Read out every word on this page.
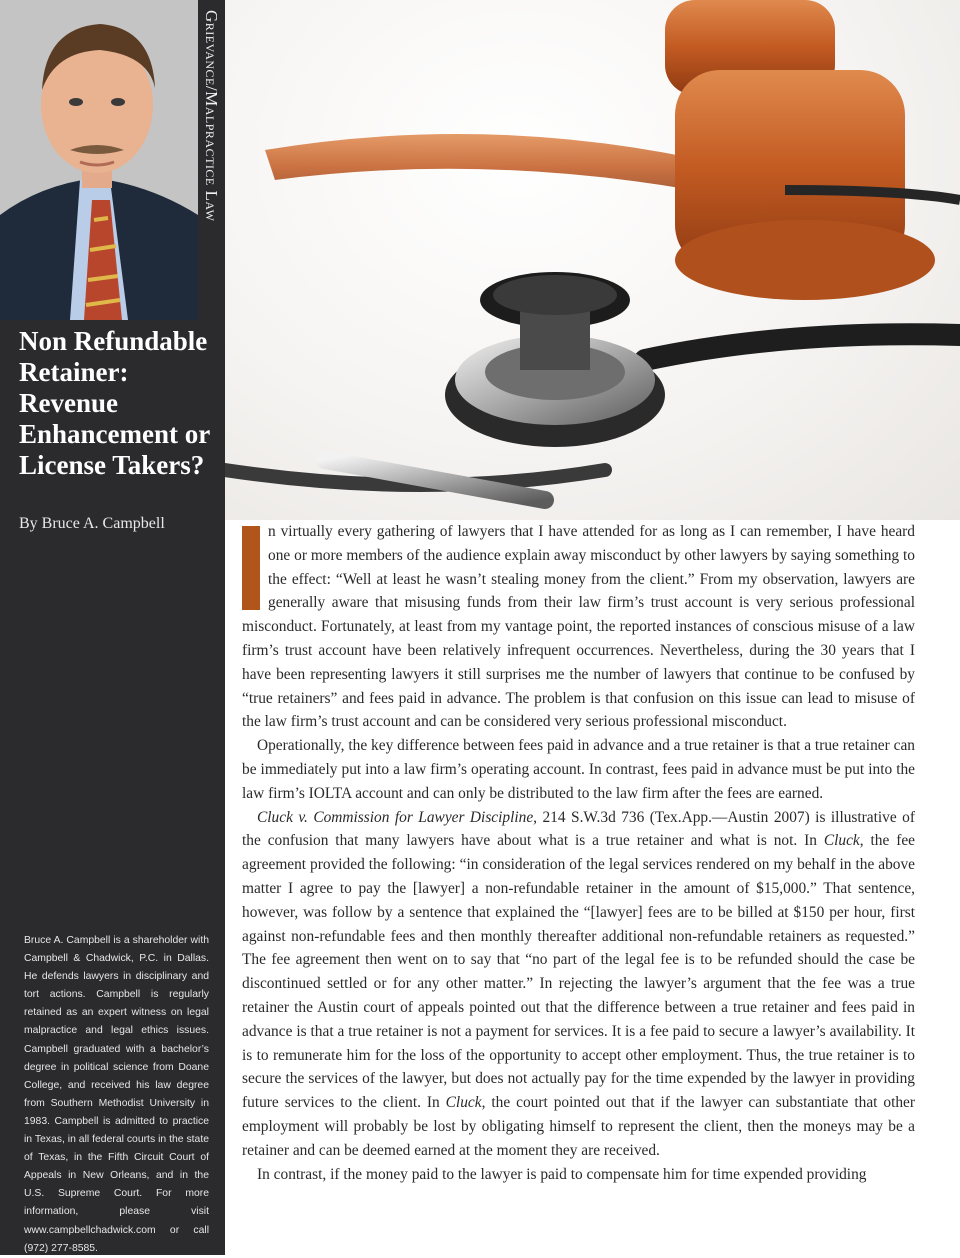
Grievance/Malpractice Law
Non Refundable Retainer: Revenue Enhancement or License Takers?
By Bruce A. Campbell

Bruce A. Campbell is a shareholder with Campbell & Chadwick, P.C. in Dallas. He defends lawyers in disciplinary and tort actions. Campbell is regularly retained as an expert witness on legal malpractice and legal ethics issues. Campbell graduated with a bachelor’s degree in political science from Doane College, and received his law degree from Southern Methodist University in 1983. Campbell is admitted to practice in Texas, in all federal courts in the state of Texas, in the Fifth Circuit Court of Appeals in New Orleans, and in the U.S. Supreme Court. For more information, please visit www.campbellchadwick.com or call (972) 277-8585.

I	n virtually every gathering of lawyers that I have attended for as long as I can remember, I have heard one or more members of the audience explain away misconduct by other lawyers by saying something to the effect: “Well at least he wasn’t stealing money from the client.” From my observation, lawyers are generally aware that misusing funds from their law firm’s trust account is very serious professional misconduct. Fortunately, at least from my vantage point, the reported instances of conscious misuse of a law firm’s trust account have been relatively infrequent occurrences. Nevertheless, during the 30 years that I have been representing lawyers it still surprises me the number of lawyers that continue to be confused by “true retainers” and fees paid in advance. The problem is that confusion on this issue can lead to misuse of the law firm’s trust account and can be considered very serious professional misconduct.

Operationally, the key difference between fees paid in advance and a true retainer is that a true retainer can be immediately put into a law firm’s operating account. In contrast, fees paid in advance must be put into the law firm’s IOLTA account and can only be distributed to the law firm after the fees are earned.

Cluck v. Commission for Lawyer Discipline, 214 S.W.3d 736 (Tex.App.—Austin 2007) is illustrative of the confusion that many lawyers have about what is a true retainer and what is not. In Cluck, the fee agreement provided the following: “in consideration of the legal services rendered on my behalf in the above matter I agree to pay the [lawyer] a non-refundable retainer in the amount of $15,000.” That sentence, however, was follow by a sentence that explained the “[lawyer] fees are to be billed at $150 per hour, first against non-refundable fees and then monthly thereafter additional non-refundable retainers as requested.” The fee agreement then went on to say that “no part of the legal fee is to be refunded should the case be discontinued settled or for any other matter.” In rejecting the lawyer’s argument that the fee was a true retainer the Austin court of appeals pointed out that the difference between a true retainer and fees paid in advance is that a true retainer is not a payment for services. It is a fee paid to secure a lawyer’s availability. It is to remunerate him for the loss of the opportunity to accept other employment. Thus, the true retainer is to secure the services of the lawyer, but does not actually pay for the time expended by the lawyer in providing future services to the client. In Cluck, the court pointed out that if the lawyer can substantiate that other employment will probably be lost by obligating himself to represent the client, then the moneys may be a retainer and can be deemed earned at the moment they are received.

In contrast, if the money paid to the lawyer is paid to compensate him for time expended providing
